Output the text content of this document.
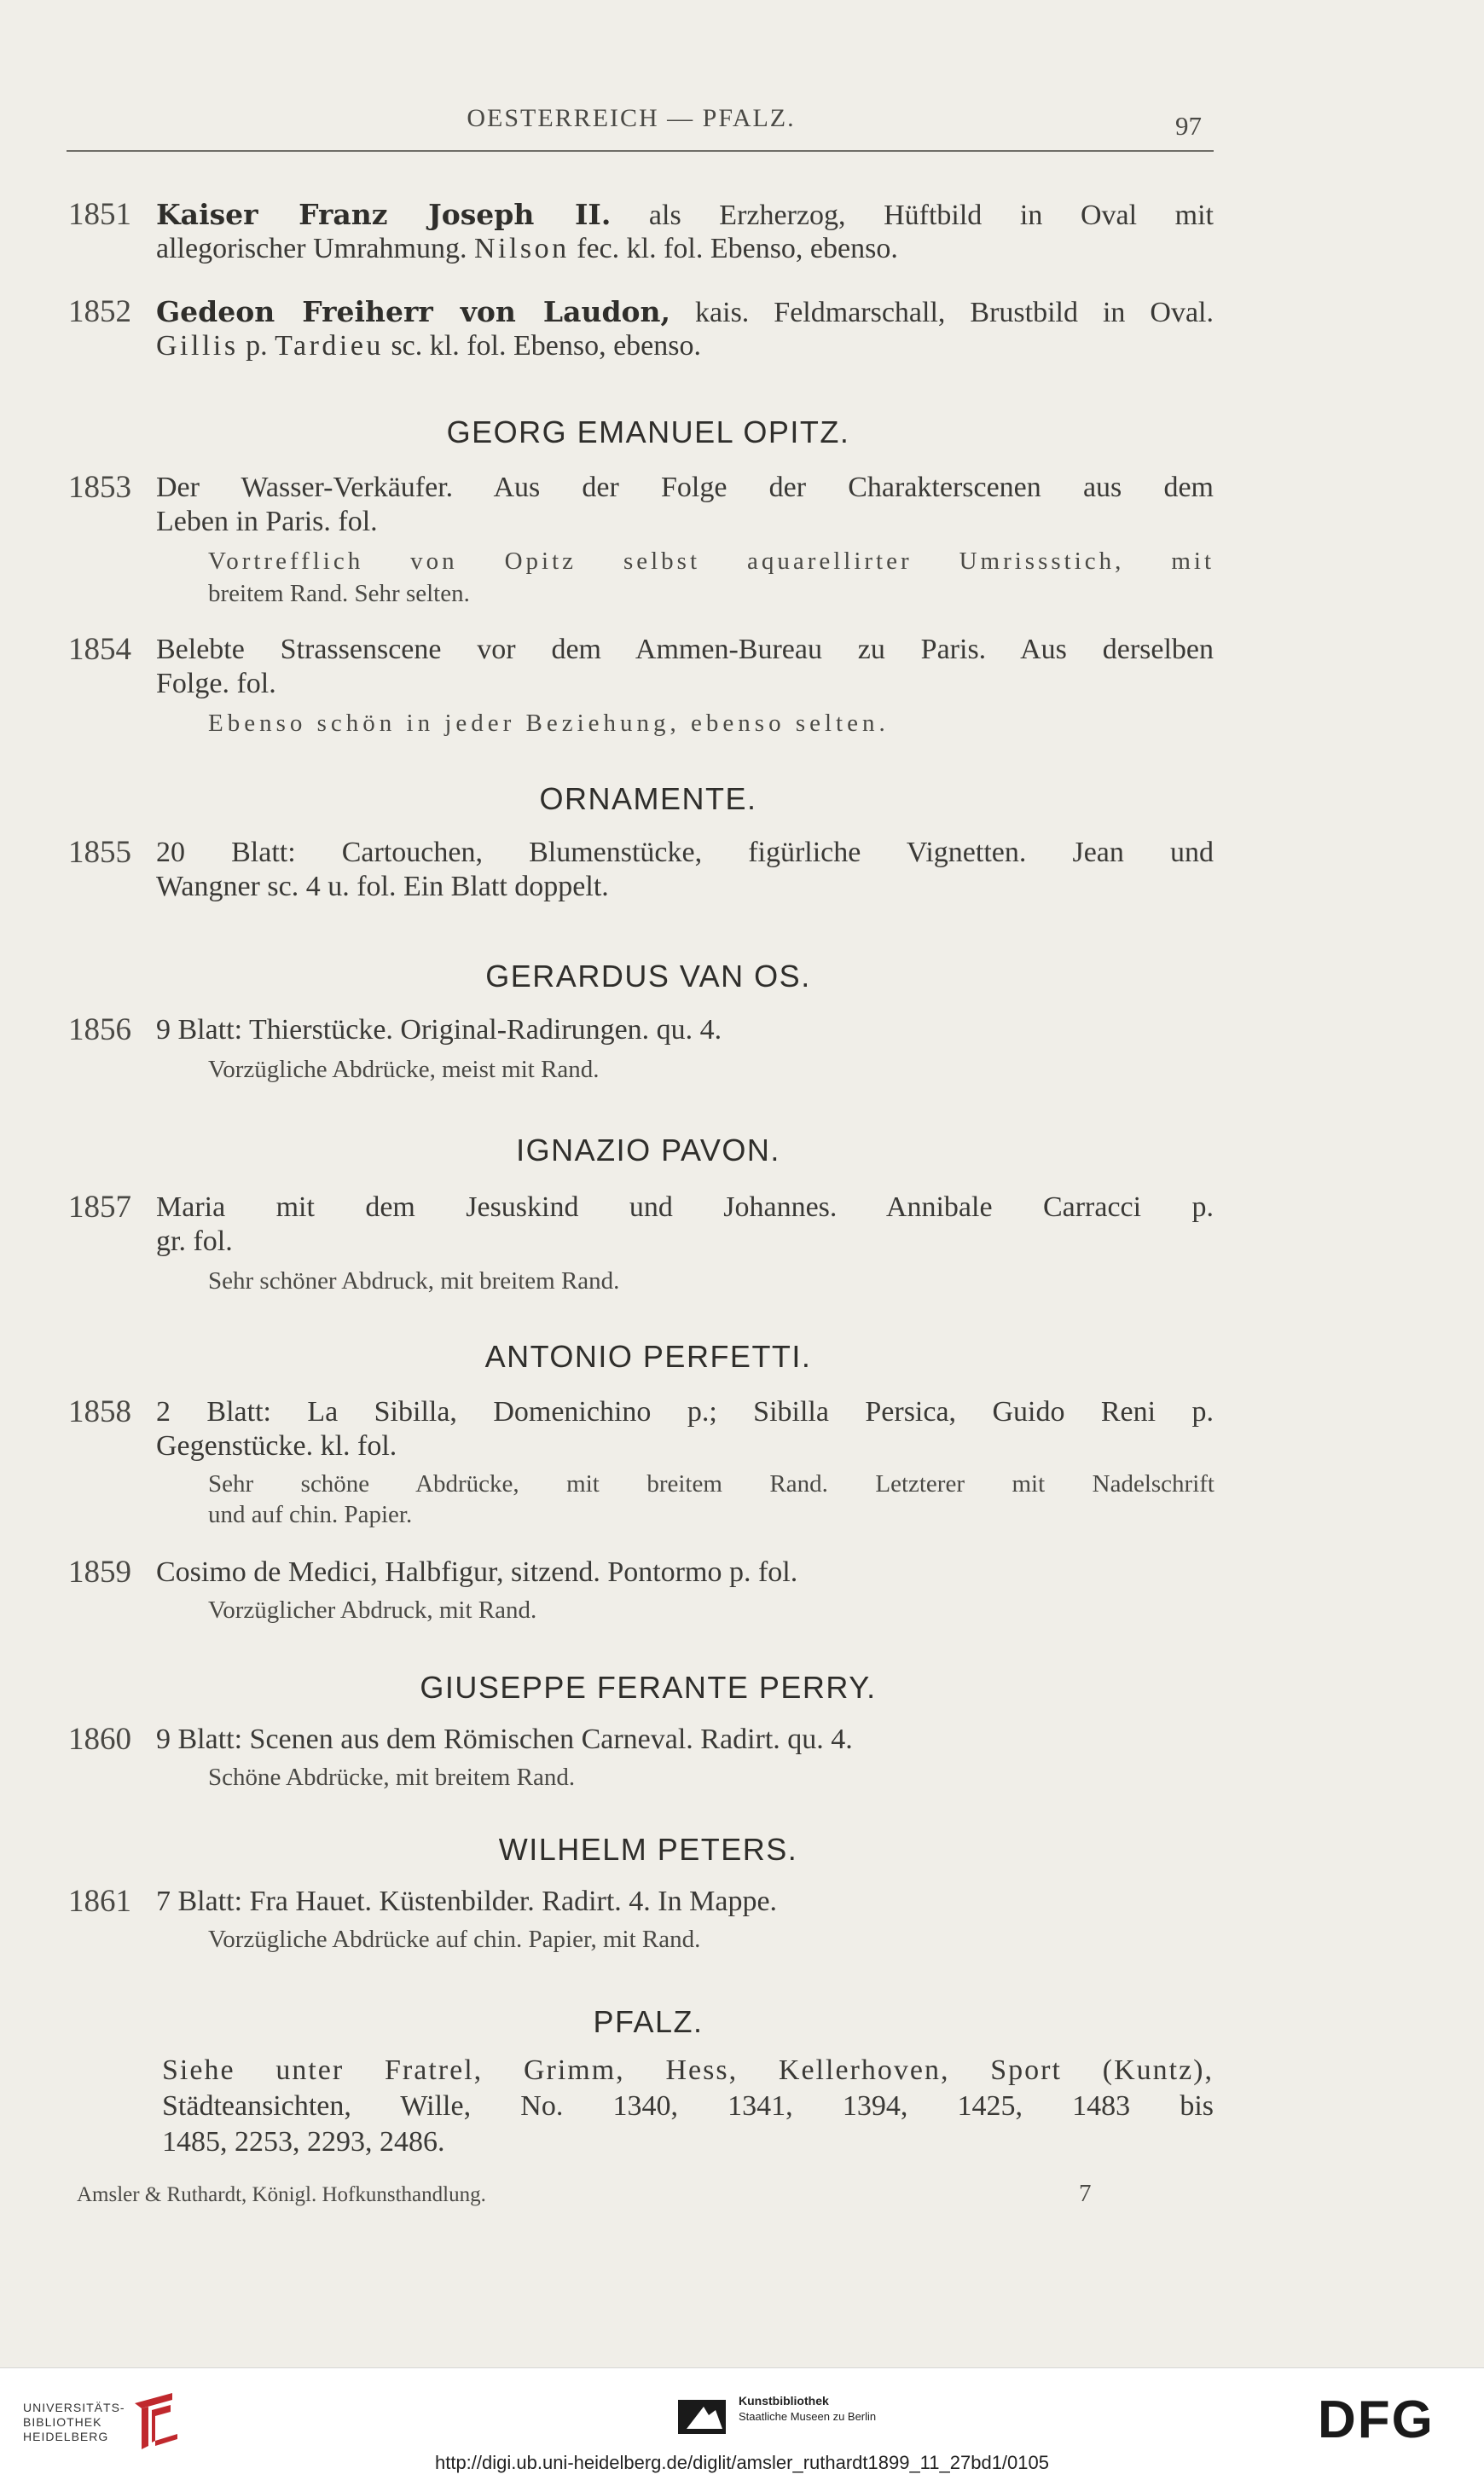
OESTERREICH — PFALZ.	97
1851 Kaiser Franz Joseph II. als Erzherzog, Hüftbild in Oval mit
allegorischer Umrahmung. Nilson fec. kl. fol. Ebenso, ebenso.
1852 Gedeon Freiherr von Laudon, kais. Feldmarschall, Brustbild in Oval.
Gillis p. Tardieu sc. kl. fol. Ebenso, ebenso.
GEORG EMANUEL OPITZ.
1853 Der Wasser-Verkäufer. Aus der Folge der Charakterscenen aus dem
Leben in Paris. fol.
Vortrefflich von Opitz selbst aquarellirter Umrissstich, mit
breitem Rand. Sehr selten.
1854 Belebte Strassenscene vor dem Ammen-Bureau zu Paris. Aus derselben
Folge. fol.
Ebenso schön in jeder Beziehung, ebenso selten.
ORNAMENTE.
1855 20 Blatt: Cartouchen, Blumenstücke, figürliche Vignetten. Jean und
Wangner sc. 4 u. fol. Ein Blatt doppelt.
GERARDUS VAN OS.
1856 9 Blatt: Thierstücke. Original-Radirungen. qu. 4.
Vorzügliche Abdrücke, meist mit Rand.
IGNAZIO PAVON.
1857 Maria mit dem Jesuskind und Johannes. Annibale Carracci p.
gr. fol.
Sehr schöner Abdruck, mit breitem Rand.
ANTONIO PERFETTI.
1858 2 Blatt: La Sibilla, Domenichino p.; Sibilla Persica, Guido Reni p.
Gegenstücke. kl. fol.
Sehr schöne Abdrücke, mit breitem Rand. Letzterer mit Nadelschrift
und auf chin. Papier.
1859 Cosimo de Medici, Halbfigur, sitzend. Pontormo p. fol.
Vorzüglicher Abdruck, mit Rand.
GIUSEPPE FERANTE PERRY.
1860 9 Blatt: Scenen aus dem Römischen Carneval. Radirt. qu. 4.
Schöne Abdrücke, mit breitem Rand.
WILHELM PETERS.
1861 7 Blatt: Fra Hauet. Küstenbilder. Radirt. 4. In Mappe.
Vorzügliche Abdrücke auf chin. Papier, mit Rand.
PFALZ.
Siehe unter Fratrel, Grimm, Hess, Kellerhoven, Sport (Kuntz),
Städteansichten, Wille, No. 1340, 1341, 1394, 1425, 1483 bis
1485, 2253, 2293, 2486.
Amsler & Ruthardt, Königl. Hofkunsthandlung.	7
UNIVERSITÄTS-
BIBLIOTHEK
HEIDELBERG
Kunstbibliothek
Staatliche Museen zu Berlin	DFG
http://digi.ub.uni-heidelberg.de/diglit/amsler_ruthardt1899_11_27bd1/0105
